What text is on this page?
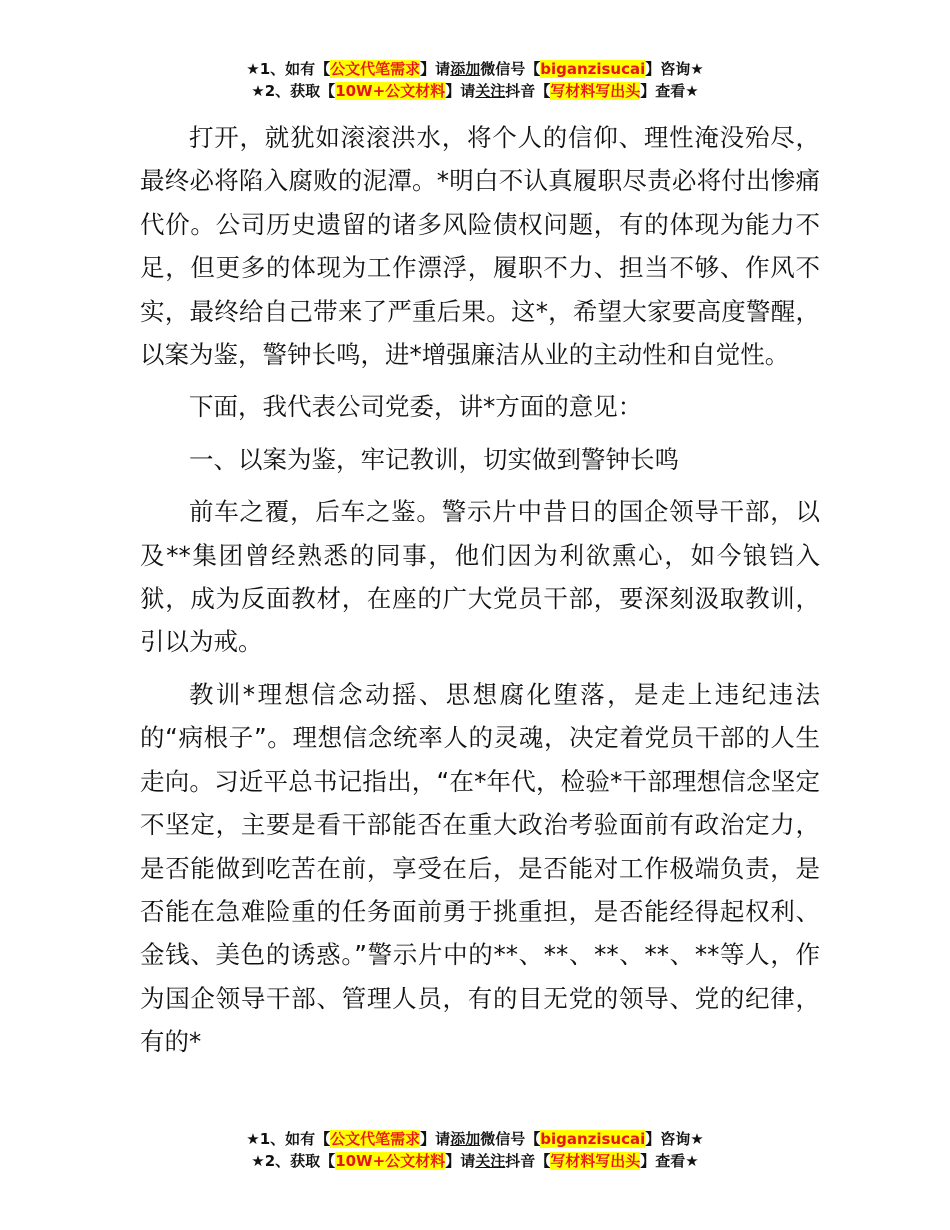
★1、如有【公文代笔需求】请添加微信号【biganzisucai】咨询★
★2、获取【10W+公文材料】请关注抖音【写材料写出头】查看★

打开，就犹如滚滚洪水，将个人的信仰、理性淹没殆尽，最终必将陷入腐败的泥潭。*明白不认真履职尽责必将付出惨痛代价。公司历史遗留的诸多风险债权问题，有的体现为能力不足，但更多的体现为工作漂浮，履职不力、担当不够、作风不实，最终给自己带来了严重后果。这*，希望大家要高度警醒，以案为鉴，警钟长鸣，进*增强廉洁从业的主动性和自觉性。

下面，我代表公司党委，讲*方面的意见：

一、以案为鉴，牢记教训，切实做到警钟长鸣

前车之覆，后车之鉴。警示片中昔日的国企领导干部，以及**集团曾经熟悉的同事，他们因为利欲熏心，如今锒铛入狱，成为反面教材，在座的广大党员干部，要深刻汲取教训，引以为戒。

教训*理想信念动摇、思想腐化堕落，是走上违纪违法的“病根子”。理想信念统率人的灵魂，决定着党员干部的人生走向。习近平总书记指出，“在*年代，检验*干部理想信念坚定不坚定，主要是看干部能否在重大政治考验面前有政治定力，是否能做到吃苦在前，享受在后，是否能对工作极端负责，是否能在急难险重的任务面前勇于挑重担，是否能经得起权利、金钱、美色的诱惑。”警示片中的**、**、**、**、**等人，作为国企领导干部、管理人员，有的目无党的领导、党的纪律，有的*

★1、如有【公文代笔需求】请添加微信号【biganzisucai】咨询★
★2、获取【10W+公文材料】请关注抖音【写材料写出头】查看★
